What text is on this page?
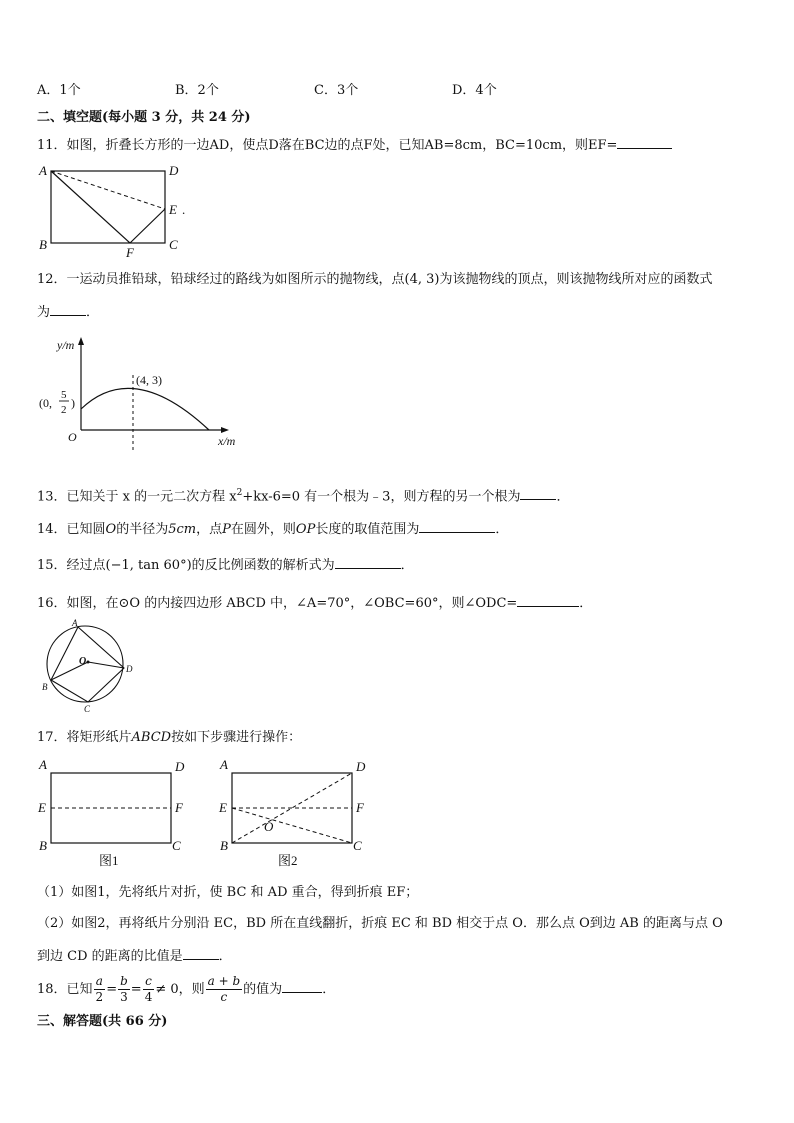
A．1个	B．2个	C．3个	D．4个
二、填空题(每小题 3 分，共 24 分)
11．如图，折叠长方形的一边AD，使点D落在BC边的点F处，已知AB=8cm，BC=10cm，则EF=
A	D
E .
B
F
C
12．一运动员推铅球，铅球经过的路线为如图所示的抛物线，点(4, 3)为该抛物线的顶点，则该抛物线所对应的函数式
为	．
y/m
x/m
O
(4, 3)
(0,
5
2 )
13．已知关于 x 的一元二次方程 $x^2+kx-6=0$ 有一个根为﹣3，则方程的另一个根为	．
14．已知圆O的半径为5cm，点P在圆外，则OP长度的取值范围为	．
15．经过点(−1, tan 60°)的反比例函数的解析式为	．
16．如图，在⊙O 的内接四边形 ABCD 中，∠A=70°，∠OBC=60°，则∠ODC=	．
A
O
D
B
C
17．将矩形纸片ABCD按如下步骤进行操作：
A	D
E	F
B	C
图1
A	D
E	F
O
B	C
图2
（1）如图1，先将纸片对折，使 BC 和 AD 重合，得到折痕 EF；
（2）如图2，再将纸片分别沿 EC，BD 所在直线翻折，折痕 EC 和 BD 相交于点 O．那么点 O到边 AB 的距离与点 O
到边 CD 的距离的比值是	．
18．已知 $\frac{a}{2} = \frac{b}{3} = \frac{c}{4} \ne 0$，则 $\frac{a + b}{c}$ 的值为	．
三、解答题(共 66 分)
